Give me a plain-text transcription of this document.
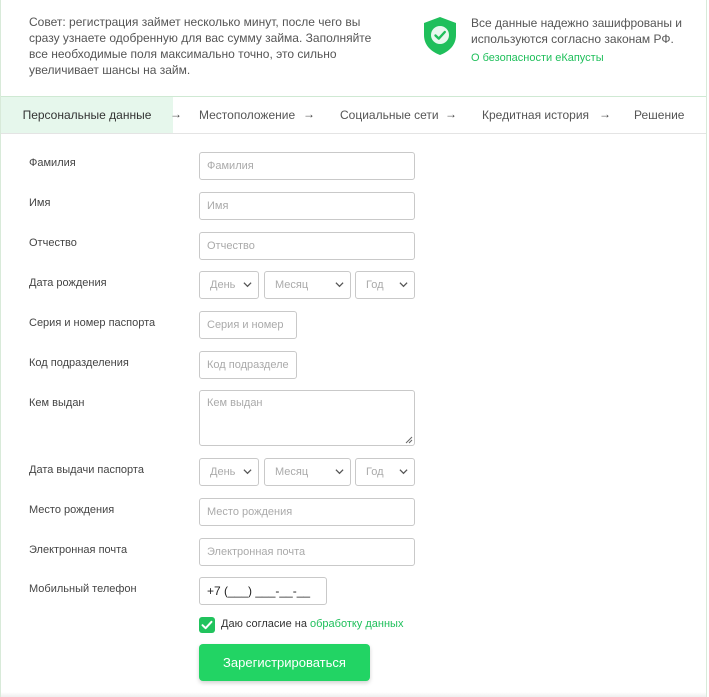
Совет: регистрация займет несколько минут, после чего вы сразу узнаете одобренную для вас сумму займа. Заполняйте все необходимые поля максимально точно, это сильно увеличивает шансы на займ.
Все данные надежно зашифрованы и используются согласно законам РФ.
О безопасности еКапусты
Персональные данные	→ Местоположение → Социальные сети → Кредитная история → Решение
Фамилия
Фамилия
Имя
Имя
Отчество
Отчество
Дата рождения	День	Месяц	Год
Серия и номер паспорта
Серия и номер
Код подразделения
Код подразделения
Кем выдан
Кем выдан
Дата выдачи паспорта	День	Месяц	Год
Место рождения
Место рождения
Электронная почта
Электронная почта
Мобильный телефон
+7 (___) ___-__-__
Даю согласие на обработку данных
Зарегистрироваться
